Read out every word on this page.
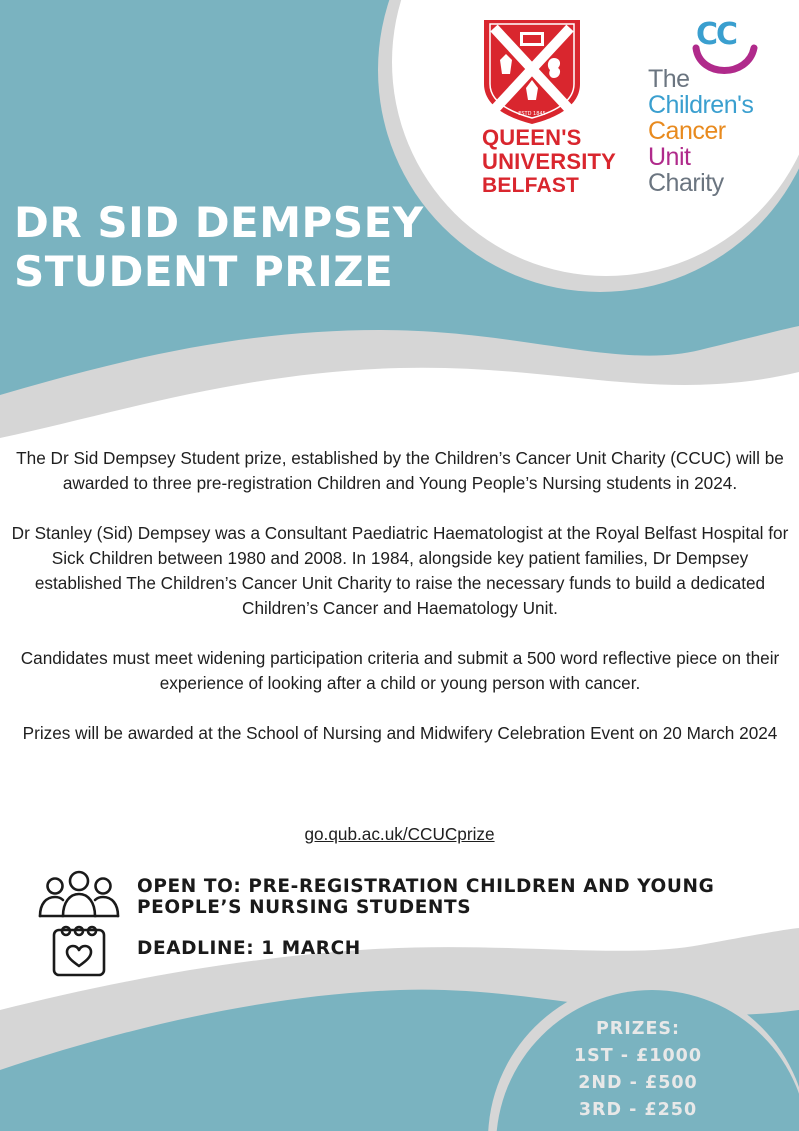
ESTD 1845
QUEEN'S
UNIVERSITY
BELFAST
CC
The
Children's
Cancer
Unit
Charity
DR SID DEMPSEY
STUDENT PRIZE

The Dr Sid Dempsey Student prize, established by the Children’s Cancer Unit Charity (CCUC) will be awarded to three pre-registration Children and Young People’s Nursing students in 2024.

Dr Stanley (Sid) Dempsey was a Consultant Paediatric Haematologist at the Royal Belfast Hospital for Sick Children between 1980 and 2008. In 1984, alongside key patient families, Dr Dempsey established The Children’s Cancer Unit Charity to raise the necessary funds to build a dedicated Children’s Cancer and Haematology Unit.

Candidates must meet widening participation criteria and submit a 500 word reflective piece on their experience of looking after a child or young person with cancer.

Prizes will be awarded at the School of Nursing and Midwifery Celebration Event on 20 March 2024

go.qub.ac.uk/CCUCprize
OPEN TO: PRE-REGISTRATION CHILDREN AND YOUNG PEOPLE’S NURSING STUDENTS
DEADLINE: 1 MARCH
PRIZES:
1ST - £1000
2ND - £500
3RD - £250
